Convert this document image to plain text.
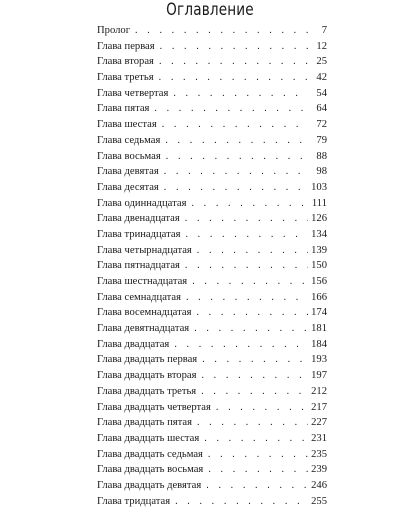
Оглавление
Пролог . . .	7
Глава первая . . .	12
Глава вторая . . .	25
Глава третья . . .	42
Глава четвертая . . .	54
Глава пятая . . .	64
Глава шестая . . .	72
Глава седьмая . . .	79
Глава восьмая . . .	88
Глава девятая . . .	98
Глава десятая . . .	103
Глава одиннадцатая . . .	111
Глава двенадцатая . . .	126
Глава тринадцатая . . .	134
Глава четырнадцатая . . .	139
Глава пятнадцатая . . .	150
Глава шестнадцатая . . .	156
Глава семнадцатая . . .	166
Глава восемнадцатая . . .	174
Глава девятнадцатая . . .	181
Глава двадцатая . . .	184
Глава двадцать первая . . .	193
Глава двадцать вторая . . .	197
Глава двадцать третья . . .	212
Глава двадцать четвертая . . .	217
Глава двадцать пятая . . .	227
Глава двадцать шестая . . .	231
Глава двадцать седьмая . . .	235
Глава двадцать восьмая . . .	239
Глава двадцать девятая . . .	246
Глава тридцатая . . .	255
